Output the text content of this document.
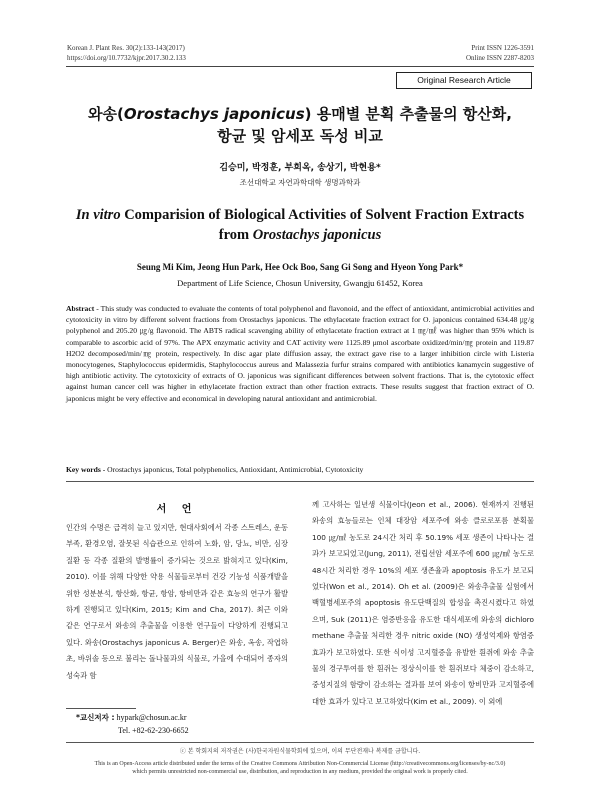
Korean J. Plant Res. 30(2):133-143(2017)
https://doi.org/10.7732/kjpr.2017.30.2.133
Print ISSN 1226-3591
Online ISSN 2287-8203
Original Research Article
와송(Orostachys japonicus) 용매별 분획 추출물의 항산화,
항균 및 암세포 독성 비교
김승미, 박정훈, 부희옥, 송상기, 박현용*
조선대학교 자연과학대학 생명과학과
In vitro Comparision of Biological Activities of Solvent Fraction Extracts
from Orostachys japonicus
Seung Mi Kim, Jeong Hun Park, Hee Ock Boo, Sang Gi Song and Hyeon Yong Park*
Department of Life Science, Chosun University, Gwangju 61452, Korea
Abstract - This study was conducted to evaluate the contents of total polyphenol and flavonoid, and the effect of antioxidant, antimicrobial activities and cytotoxicity in vitro by different solvent fractions from Orostachys japonicus. The ethylacetate fraction extract for O. japonicus contained 634.48 ㎍/g polyphenol and 205.20 ㎍/g flavonoid. The ABTS radical scavenging ability of ethylacetate fraction extract at 1 ㎎/㎖ was higher than 95% which is comparable to ascorbic acid of 97%. The APX enzymatic activity and CAT activity were 1125.89 μmol ascorbate oxidized/min/㎎ protein and 119.87 H2O2 decomposed/min/㎎ protein, respectively. In disc agar plate diffusion assay, the extract gave rise to a larger inhibition circle with Listeria monocytogenes, Staphylococcus epidermidis, Staphylococcus aureus and Malassezia furfur strains compared with antibiotics kanamycin suggestive of high antibiotic activity. The cytotoxicity of extracts of O. japonicus was significant differences between solvent fractions. That is, the cytotoxic effect against human cancer cell was higher in ethylacetate fraction extract than other fraction extracts. These results suggest that fraction extract of O. japonicus might be very effective and economical in developing natural antioxidant and antimicrobial.
Key words - Orostachys japonicus, Total polyphenolics, Antioxidant, Antimicrobial, Cytotoxicity
서 언
인간의 수명은 급격히 늘고 있지만, 현대사회에서 각종 스트레스, 운동부족, 환경오염, 잘못된 식습관으로 인하여 노화, 암, 당뇨, 비만, 심장질환 등 각종 질환의 발병률이 증가되는 것으로 밝혀지고 있다(Kim, 2010). 이를 위해 다양한 약용 식물들로부터 건강 기능성 식품개발을 위한 성분분석, 항산화, 항균, 항암, 항비만과 같은 효능의 연구가 활발하게 진행되고 있다(Kim, 2015; Kim and Cha, 2017). 최근 이와 같은 연구로서 와송의 추출물을 이용한 연구들이 다양하게 진행되고 있다. 와송(Orostachys japonicus A. Berger)은 와송, 옥송, 작엽하초, 바위솔 등으로 불리는 돌나물과의 식물로, 가을에 수대되어 종자의 성숙과 함
께 고사하는 일년생 식물이다(Jeon et al., 2006). 현재까지 진행된 와송의 효능들로는 인체 대장암 세포주에 와송 클로로포름 분획물 100 ㎍/㎖ 농도로 24시간 처리 후 50.19% 세포 생존이 나타나는 결과가 보고되었고(Jung, 2011), 전립선암 세포주에 600 ㎍/㎖ 농도로 48시간 처리한 경우 10%의 세포 생존율과 apoptosis 유도가 보고되었다(Won et al., 2014). Oh et al. (2009)은 와송추출물 실험에서 백혈병세포주의 apoptosis 유도단백질의 합성을 촉진시켰다고 하였으며, Suk (2011)은 염증반응을 유도한 대식세포에 와송의 dichloro methane 추출물 처리한 경우 nitric oxide (NO) 생성억제와 항염증 효과가 보고하였다. 또한 식이성 고지혈증을 유발한 흰쥐에 와송 추출물의 경구투여를 한 흰쥐는 정상식이를 한 흰쥐보다 체중이 감소하고, 중성지질의 함량이 감소하는 결과를 보여 와송이 항비만과 고지혈증에 대한 효과가 있다고 보고하였다(Kim et al., 2009). 이 외에
*교신저자 : hypark@chosun.ac.kr
Tel. +82-62-230-6652
ⓒ 본 학회지의 저작권은 (사)한국자원식물학회에 있으며, 이의 무단전재나 복제를 금합니다.
This is an Open-Access article distributed under the terms of the Creative Commons Attribution Non-Commercial License (http://creativecommons.org/licenses/by-nc/3.0)
which permits unrestricted non-commercial use, distribution, and reproduction in any medium, provided the original work is properly cited.
